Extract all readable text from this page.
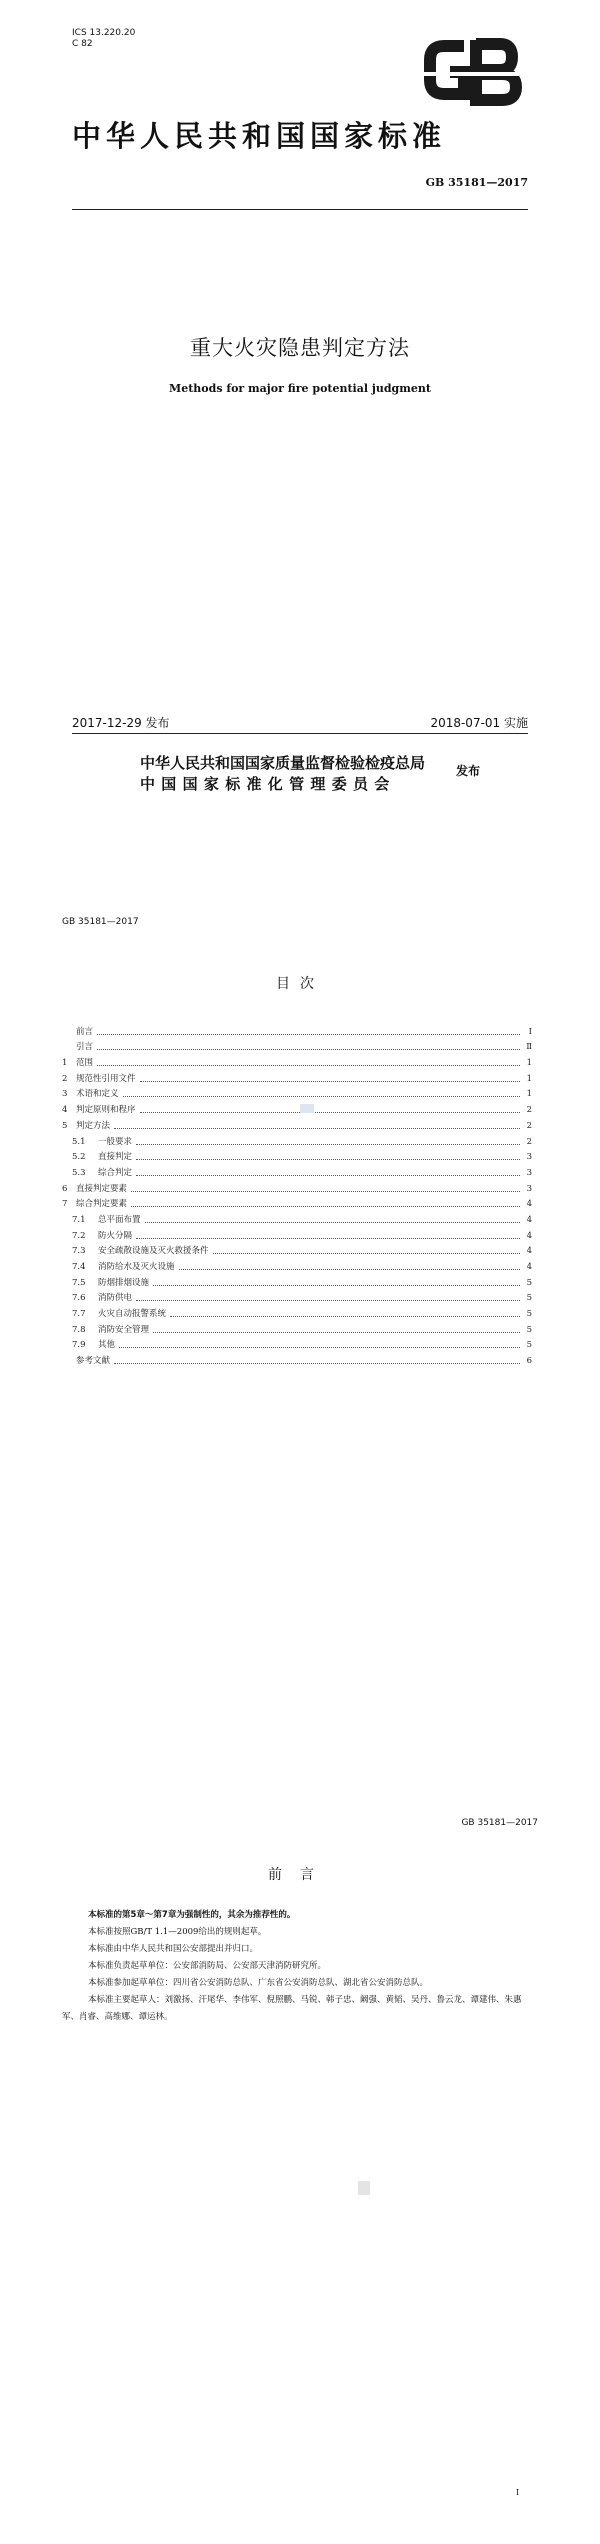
ICS 13.220.20
C 82
中华人民共和国国家标准
GB 35181—2017
重大火灾隐患判定方法
Methods for major fire potential judgment
2017-12-29 发布	2018-07-01 实施
中华人民共和国国家质量监督检验检疫总局
中国国家标准化管理委员会
发布
GB 35181—2017
目次
前言	Ⅰ
引言	Ⅱ
1	范围	1
2	规范性引用文件	1
3	术语和定义	1
4	判定原则和程序	2
5	判定方法	2
5.1	一般要求	2
5.2	直接判定	3
5.3	综合判定	3
6	直接判定要素	3
7	综合判定要素	4
7.1	总平面布置	4
7.2	防火分隔	4
7.3	安全疏散设施及灭火救援条件	4
7.4	消防给水及灭火设施	4
7.5	防烟排烟设施	5
7.6	消防供电	5
7.7	火灾自动报警系统	5
7.8	消防安全管理	5
7.9	其他	5
参考文献	6
GB 35181—2017
前言

本标准的第5章～第7章为强制性的，其余为推荐性的。

本标准按照GB/T 1.1—2009给出的规则起草。

本标准由中华人民共和国公安部提出并归口。

本标准负责起草单位：公安部消防局、公安部天津消防研究所。

本标准参加起草单位：四川省公安消防总队、广东省公安消防总队、湖北省公安消防总队。

本标准主要起草人：刘激扬、汗尾华、李伟军、倪照鹏、马锐、韩子忠、阚强、黄韬、吴丹、鲁云龙、谭建伟、朱惠军、肖睿、高维娜、谭运林。

Ⅰ
